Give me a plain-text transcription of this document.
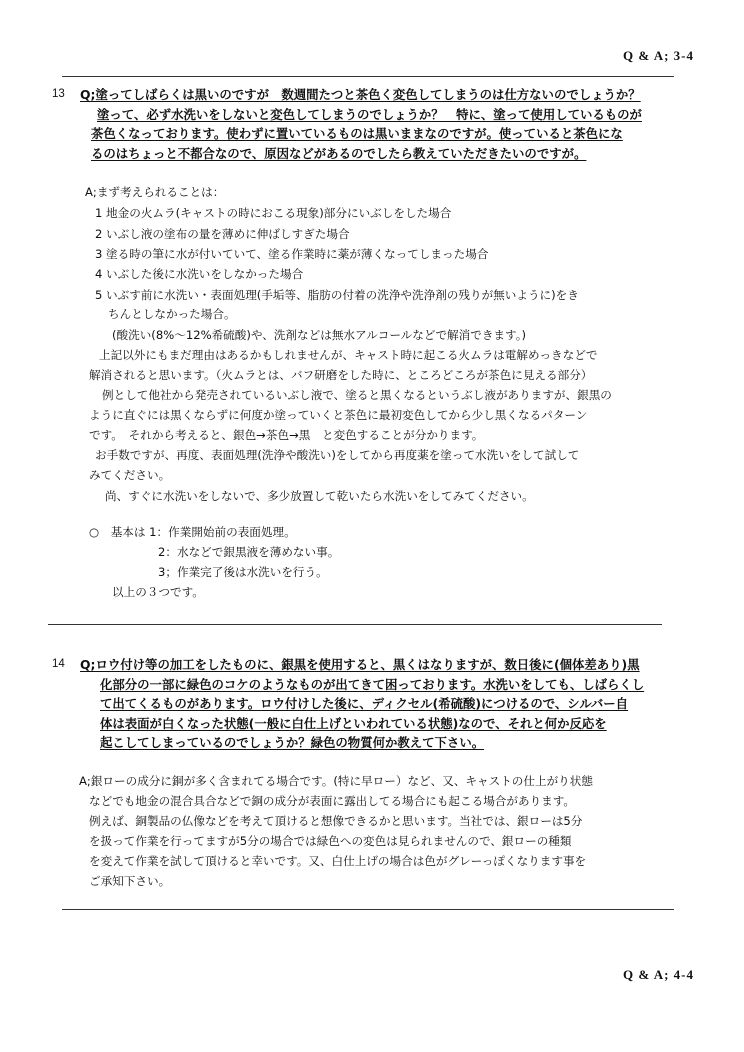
Q & A; 3-4
13 Q;塗ってしばらくは黒いのですが　数週間たつと茶色く変色してしまうのは仕方ないのでしょうか？
塗って、必ず水洗いをしないと変色してしまうのでしょうか？　特に、塗って使用しているものが
茶色くなっております。使わずに置いているものは黒いままなのですが。使っていると茶色にな
るのはちょっと不都合なので、原因などがあるのでしたら教えていただきたいのですが。
A;まず考えられることは：
1 地金の火ムラ(キャストの時におこる現象)部分にいぶしをした場合
2 いぶし液の塗布の量を薄めに伸ばしすぎた場合
3 塗る時の筆に水が付いていて、塗る作業時に薬が薄くなってしまった場合
4 いぶした後に水洗いをしなかった場合
5 いぶす前に水洗い・表面処理(手垢等、脂肪の付着の洗浄や洗浄剤の残りが無いように)をき
ちんとしなかった場合。
(酸洗い(8%～12%希硫酸)や、洗剤などは無水アルコールなどで解消できます。)
上記以外にもまだ理由はあるかもしれませんが、キャスト時に起こる火ムラは電解めっきなどで
解消されると思います。（火ムラとは、バフ研磨をした時に、ところどころが茶色に見える部分）
例として他社から発売されているいぶし液で、塗ると黒くなるというぶし液がありますが、銀黒の
ように直ぐには黒くならずに何度か塗っていくと茶色に最初変色してから少し黒くなるパターン
です。　それから考えると、銀色→茶色→黒　と変色することが分かります。
お手数ですが、再度、表面処理(洗浄や酸洗い)をしてから再度薬を塗って水洗いをして試して
みてください。
尚、すぐに水洗いをしないで、多少放置して乾いたら水洗いをしてみてください。
○　基本は 1：作業開始前の表面処理。
2：水などで銀黒液を薄めない事。
3；作業完了後は水洗いを行う。
以上の３つです。
14 Q;ロウ付け等の加工をしたものに、銀黒を使用すると、黒くはなりますが、数日後に(個体差あり)黒
化部分の一部に緑色のコケのようなものが出てきて困っております。水洗いをしても、しばらくし
て出てくるものがあります。ロウ付けした後に、ディクセル(希硫酸)につけるので、シルバー自
体は表面が白くなった状態(一般に白仕上げといわれている状態)なので、それと何か反応を
起こしてしまっているのでしょうか？緑色の物質何か教えて下さい。
A;銀ローの成分に銅が多く含まれてる場合です。(特に早ロー）など、又、キャストの仕上がり状態
などでも地金の混合具合などで銅の成分が表面に露出してる場合にも起こる場合があります。
例えば、銅製品の仏像などを考えて頂けると想像できるかと思います。当社では、銀ローは5分
を扱って作業を行ってますが5分の場合では緑色への変色は見られませんので、銀ローの種類
を変えて作業を試して頂けると幸いです。又、白仕上げの場合は色がグレーっぽくなります事を
ご承知下さい。
Q & A; 4-4
